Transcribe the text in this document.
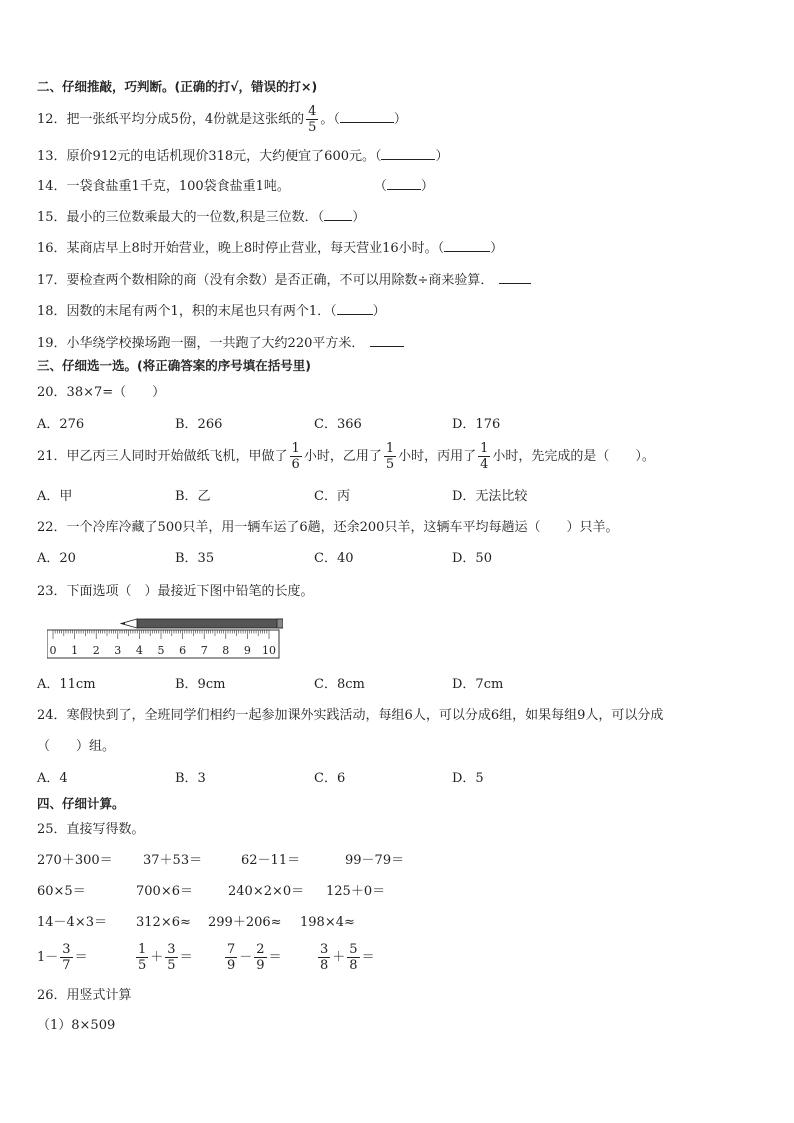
二、仔细推敲，巧判断。(正确的打√，错误的打×)
12．把一张纸平均分成5份，4份就是这张纸的 $\frac{4}{5}$ 。（	）
13．原价912元的电话机现价318元，大约便宜了600元。（	）
14．一袋食盐重1千克，100袋食盐重1吨。	（	）
15．最小的三位数乘最大的一位数,积是三位数．（ ）
16．某商店早上8时开始营业，晚上8时停止营业，每天营业16小时。（	）
17．要检查两个数相除的商（没有余数）是否正确，不可以用除数÷商来验算．
18．因数的末尾有两个1，积的末尾也只有两个1．（	）
19．小华绕学校操场跑一圈，一共跑了大约220平方米．
三、仔细选一选。(将正确答案的序号填在括号里)
20．38×7=（　　）
A．276	B．266	C．366	D．176
21．甲乙丙三人同时开始做纸飞机，甲做了 $\frac{1}{6}$ 小时，乙用了 $\frac{1}{5}$ 小时，丙用了 $\frac{1}{4}$ 小时，先完成的是（　　）。
A．甲	B．乙	C．丙	D．无法比较
22．一个冷库冷藏了500只羊，用一辆车运了6趟，还余200只羊，这辆车平均每趟运（　　）只羊。
A．20	B．35	C．40	D．50
23．下面选项（　）最接近下图中铅笔的长度。
0 1 2 3 4 5 6 7 8 9 10
A．11cm	B．9cm	C．8cm	D．7cm
24．寒假快到了，全班同学们相约一起参加课外实践活动，每组6人，可以分成6组，如果每组9人，可以分成
（　　）组。
A．4	B．3	C．6	D．5
四、仔细计算。
25．直接写得数。
270＋300＝ 37＋53＝	62－11＝	99－79＝
60×5＝	700×6＝	240×2×0＝ 125＋0＝
14－4×3＝ 312×6≈ 299＋206≈ 198×4≈
$1- \frac{3}{7}$ ＝	$\frac{1}{5} + \frac{3}{5} = \frac{7}{9} - \frac{2}{9}$ ＝	$\frac{3}{8} + \frac{5}{8}$ ＝
26．用竖式计算
（1）8×509
